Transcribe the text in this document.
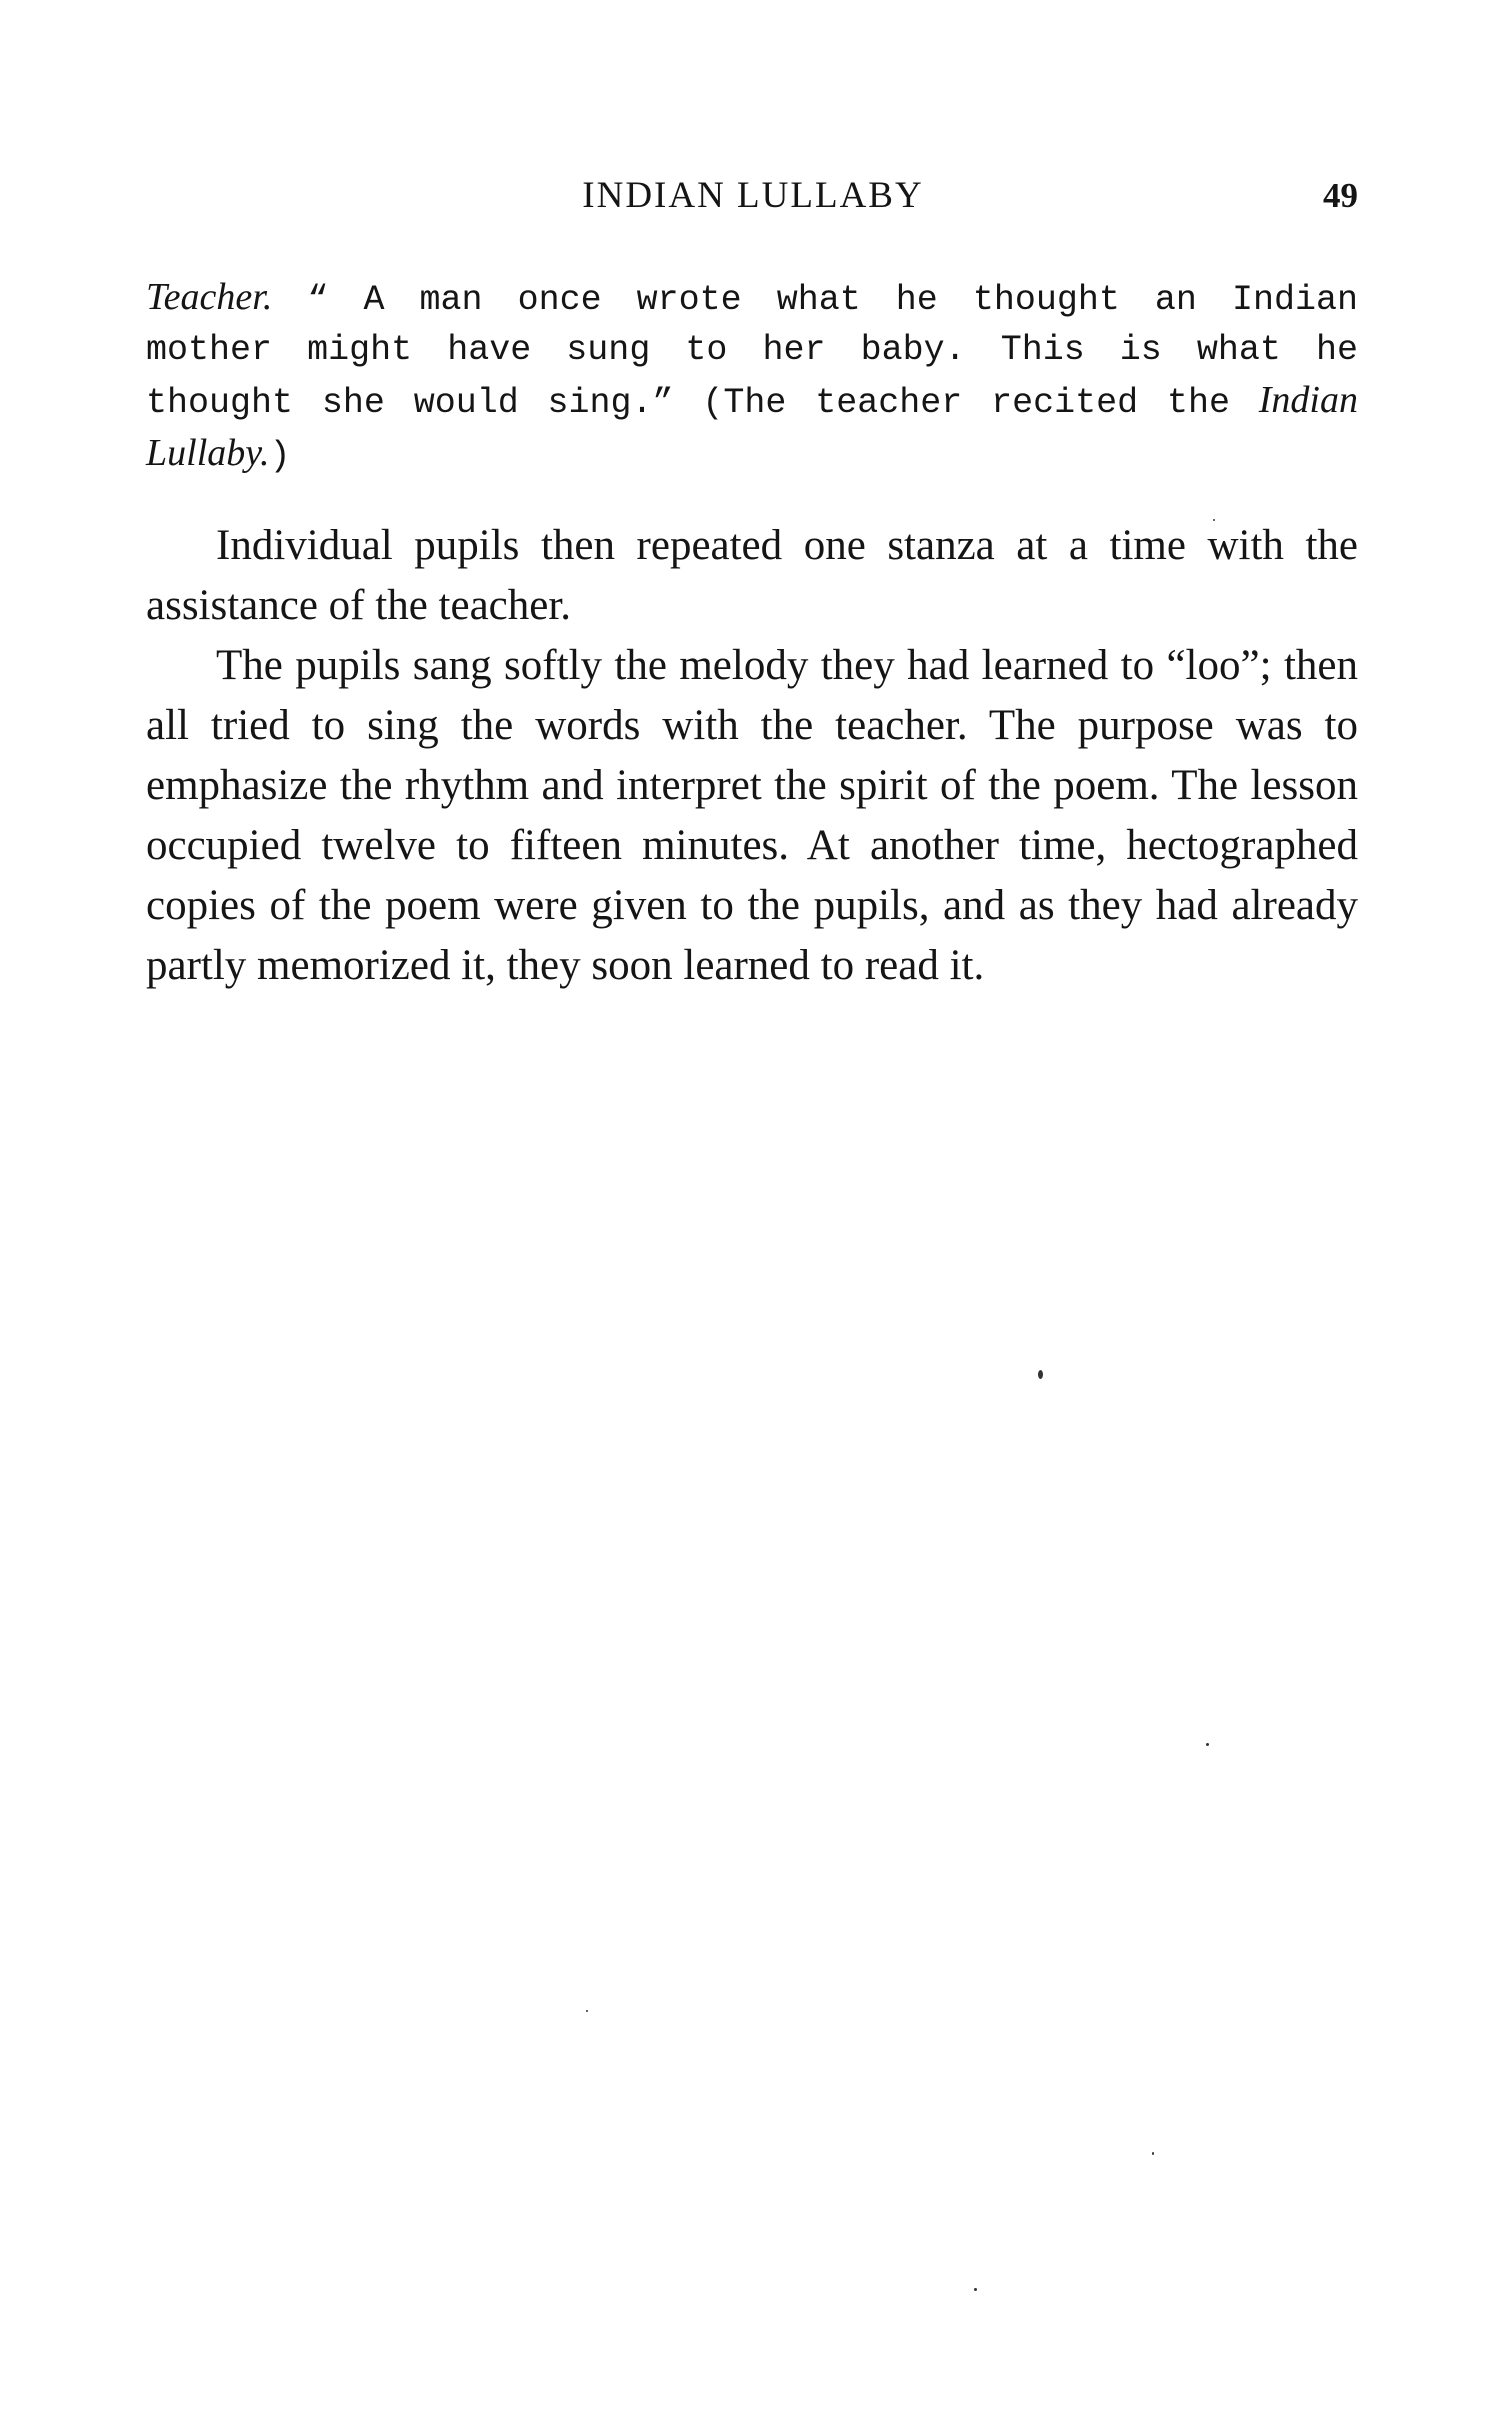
INDIAN LULLABY	49
Teacher. “ A man once wrote what he thought an Indian mother might have sung to her baby. This is what he thought she would sing.” (The teacher recited the Indian Lullaby.)

Individual pupils then repeated one stanza at a time with the assistance of the teacher.

The pupils sang softly the melody they had learned to “loo”; then all tried to sing the words with the teacher. The purpose was to emphasize the rhythm and interpret the spirit of the poem. The lesson occupied twelve to fifteen minutes. At another time, hectographed copies of the poem were given to the pupils, and as they had already partly memorized it, they soon learned to read it.
